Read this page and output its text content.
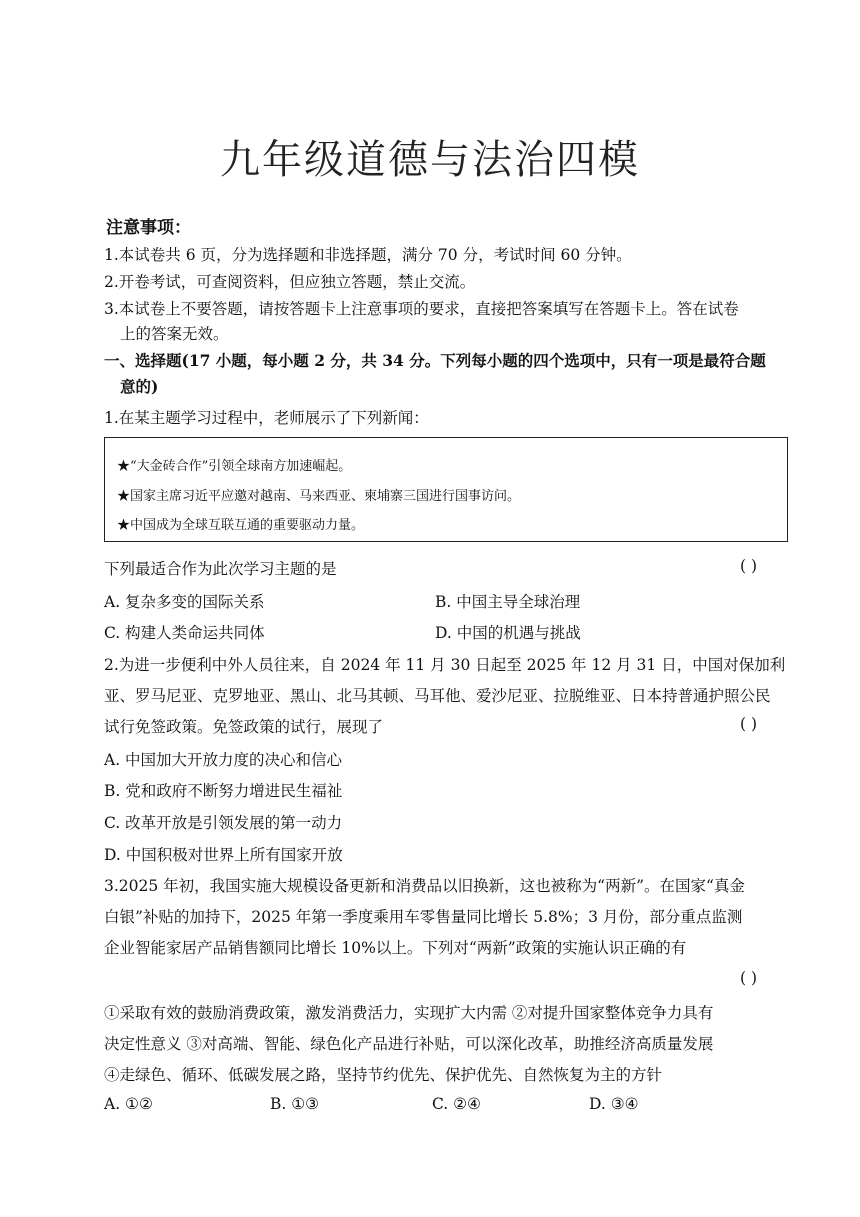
九年级道德与法治四模
注意事项：
1.本试卷共 6 页，分为选择题和非选择题，满分 70 分，考试时间 60 分钟。
2.开卷考试，可查阅资料，但应独立答题，禁止交流。
3.本试卷上不要答题，请按答题卡上注意事项的要求，直接把答案填写在答题卡上。答在试卷
上的答案无效。
一、选择题(17 小题，每小题 2 分，共 34 分。下列每小题的四个选项中，只有一项是最符合题
意的)
1.在某主题学习过程中，老师展示了下列新闻：
★“大金砖合作”引领全球南方加速崛起。
★国家主席习近平应邀对越南、马来西亚、柬埔寨三国进行国事访问。
★中国成为全球互联互通的重要驱动力量。
下列最适合作为此次学习主题的是	( )
A. 复杂多变的国际关系	B. 中国主导全球治理
C. 构建人类命运共同体	D. 中国的机遇与挑战
2.为进一步便利中外人员往来，自 2024 年 11 月 30 日起至 2025 年 12 月 31 日，中国对保加利
亚、罗马尼亚、克罗地亚、黑山、北马其顿、马耳他、爱沙尼亚、拉脱维亚、日本持普通护照公民
试行免签政策。免签政策的试行，展现了	( )
A. 中国加大开放力度的决心和信心
B. 党和政府不断努力增进民生福祉
C. 改革开放是引领发展的第一动力
D. 中国积极对世界上所有国家开放
3.2025 年初，我国实施大规模设备更新和消费品以旧换新，这也被称为“两新”。在国家“真金
白银”补贴的加持下，2025 年第一季度乘用车零售量同比增长 5.8%；3 月份，部分重点监测
企业智能家居产品销售额同比增长 10%以上。下列对“两新”政策的实施认识正确的有
( )
①采取有效的鼓励消费政策，激发消费活力，实现扩大内需 ②对提升国家整体竞争力具有
决定性意义 ③对高端、智能、绿色化产品进行补贴，可以深化改革，助推经济高质量发展
④走绿色、循环、低碳发展之路，坚持节约优先、保护优先、自然恢复为主的方针
A. ①②	B. ①③	C. ②④	D. ③④
